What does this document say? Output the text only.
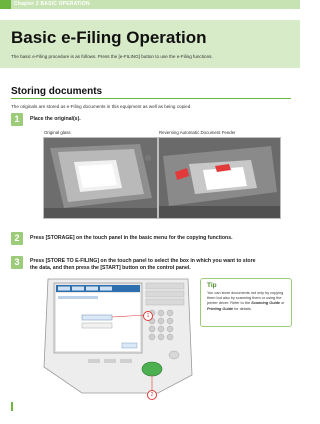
Chapter 2 BASIC OPERATION
Basic e-Filing Operation
The basic e-Filing procedure is as follows. Press the [e-FILING] button to use the e-Filing functions.
Storing documents
The originals are stored as e-Filing documents in this equipment as well as being copied.
1	Place the original(s).
Original glass	Reversing Automatic Document Feeder
2	Press [STORAGE] on the touch panel in the basic menu for the copying functions.
3	Press [STORE TO E-FILING] on the touch panel to select the box in which you want to store
the data, and then press the [START] button on the control panel.
1
2
Tip
You can store documents not only by copying them but also by scanning them or using the printer driver. Refer to the Scanning Guide or Printing Guide for details.
